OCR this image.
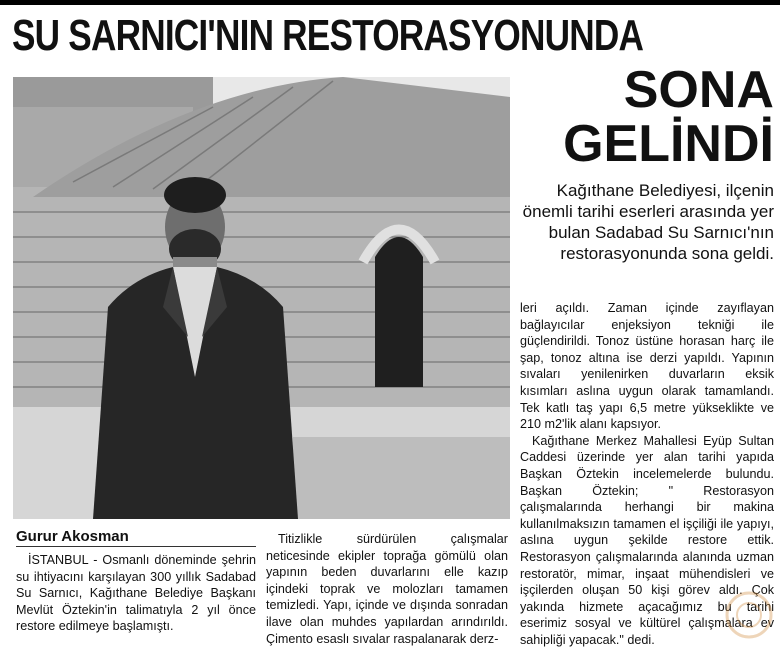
SU SARNICI'NIN RESTORASYONUNDA
SONA
GELİNDİ
Kağıthane Belediyesi, ilçenin önemli tarihi eserleri arasında yer bulan Sadabad Su Sarnıcı'nın restorasyonunda sona geldi.
Gurur Akosman

İSTANBUL - Osmanlı döneminde şehrin su ihtiyacını karşılayan 300 yıllık Sadabad Su Sarnıcı, Kağıthane Belediye Başkanı Mevlüt Öztekin'in talimatıyla 2 yıl önce restore edilmeye başlamıştı.

Titizlikle sürdürülen çalışmalar neticesinde ekipler toprağa gömülü olan yapının beden duvarlarını elle kazıp içindeki toprak ve molozları tamamen temizledi. Yapı, içinde ve dışında sonradan ilave olan muhdes yapılardan arındırıldı. Çimento esaslı sıvalar raspalanarak derz-

leri açıldı. Zaman içinde zayıflayan bağlayıcılar enjeksiyon tekniği ile güçlendirildi. Tonoz üstüne horasan harç ile şap, tonoz altına ise derzi yapıldı. Yapının sıvaları yenilenirken duvarların eksik kısımları aslına uygun olarak tamamlandı. Tek katlı taş yapı 6,5 metre yükseklikte ve 210 m2'lik alanı kapsıyor.

Kağıthane Merkez Mahallesi Eyüp Sultan Caddesi üzerinde yer alan tarihi yapıda Başkan Öztekin incelemelerde bulundu. Başkan Öztekin; " Restorasyon çalışmalarında herhangi bir makina kullanılmaksızın tamamen el işçiliği ile yapıyı, aslına uygun şekilde restore ettik. Restorasyon çalışmalarında alanında uzman restoratör, mimar, inşaat mühendisleri ve işçilerden oluşan 50 kişi görev aldı. Çok yakında hizmete açacağımız bu tarihi eserimiz sosyal ve kültürel çalışmalara ev sahipliği yapacak." dedi.
